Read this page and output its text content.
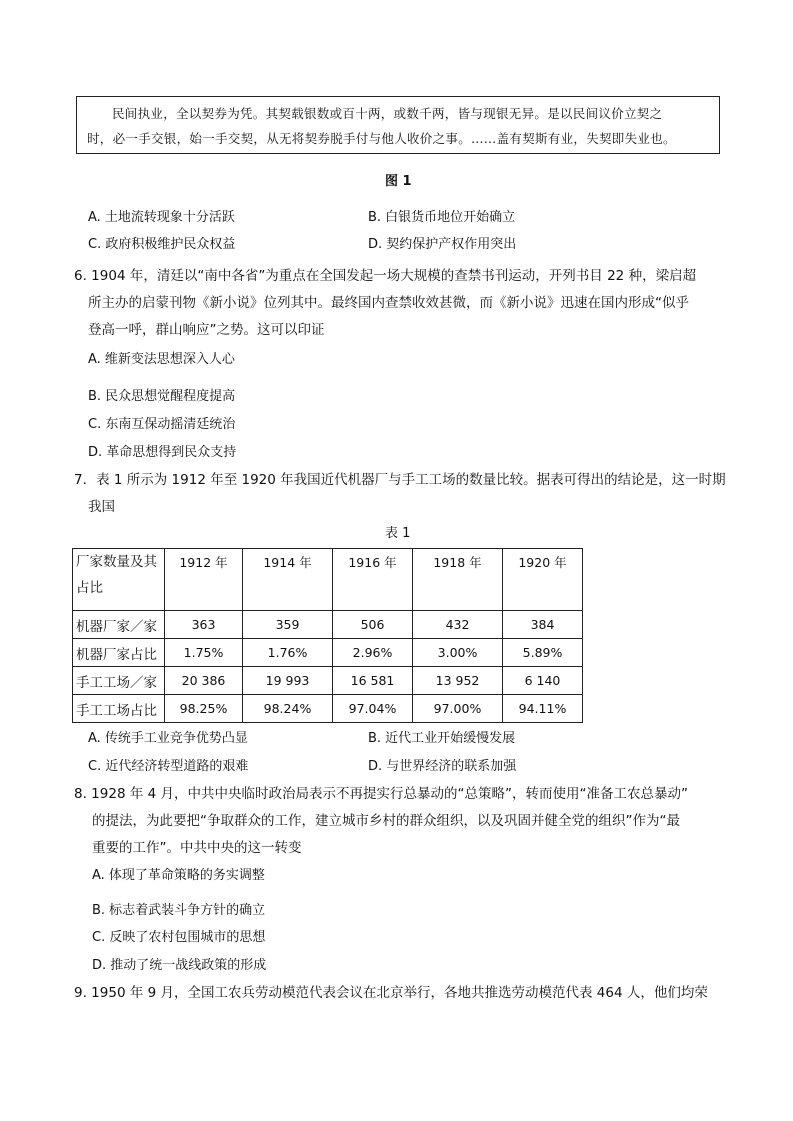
民间执业，全以契券为凭。其契载银数或百十两，或数千两，皆与现银无异。是以民间议价立契之
时，必一手交银，始一手交契，从无将契券脱手付与他人收价之事。……盖有契斯有业，失契即失业也。
图 1
A. 土地流转现象十分活跃	B. 白银货币地位开始确立
C. 政府积极维护民众权益	D. 契约保护产权作用突出
6. 1904 年，清廷以“南中各省”为重点在全国发起一场大规模的查禁书刊运动，开列书目 22 种，梁启超
所主办的启蒙刊物《新小说》位列其中。最终国内查禁收效甚微，而《新小说》迅速在国内形成“似乎
登高一呼，群山响应”之势。这可以印证
A. 维新变法思想深入人心
B. 民众思想觉醒程度提高
C. 东南互保动摇清廷统治
D. 革命思想得到民众支持
7．表 1 所示为 1912 年至 1920 年我国近代机器厂与手工工场的数量比较。据表可得出的结论是，这一时期
我国
表 1
厂家数量及其
占比	1912 年	1914 年	1916 年	1918 年	1920 年
机器厂家／家	363	359	506	432	384
机器厂家占比	1.75%	1.76%	2.96%	3.00%	5.89%
手工工场／家	20 386	19 993	16 581	13 952	6 140
手工工场占比	98.25%	98.24%	97.04%	97.00%	94.11%
A. 传统手工业竞争优势凸显	B. 近代工业开始缓慢发展
C. 近代经济转型道路的艰难	D. 与世界经济的联系加强
8. 1928 年 4 月，中共中央临时政治局表示不再提实行总暴动的“总策略”，转而使用“准备工农总暴动”
的提法，为此要把“争取群众的工作，建立城市乡村的群众组织，以及巩固并健全党的组织”作为“最
重要的工作”。中共中央的这一转变
A. 体现了革命策略的务实调整
B. 标志着武装斗争方针的确立
C. 反映了农村包围城市的思想
D. 推动了统一战线政策的形成
9. 1950 年 9 月，全国工农兵劳动模范代表会议在北京举行，各地共推选劳动模范代表 464 人，他们均荣
